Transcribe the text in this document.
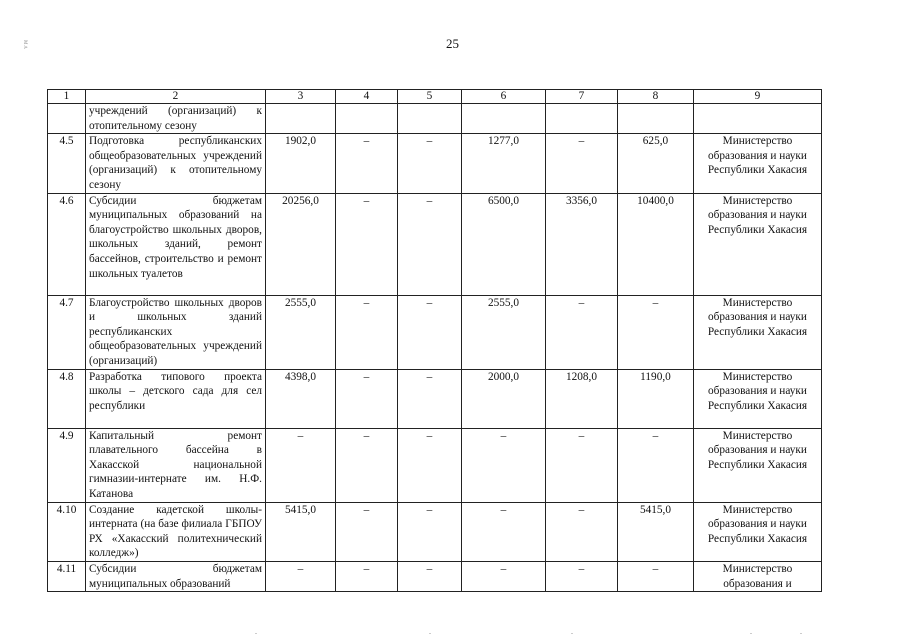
25
ᴍᴧ
1	2	3	4	5	6	7	8	9
	учреждений (организаций) к отопительному сезону							
4.5	Подготовка республиканских общеобразовательных учреждений (организаций) к отопительному сезону	1902,0	–	–	1277,0	–	625,0	Министерство образования и науки Республики Хакасия
4.6	Субсидии бюджетам муниципальных образований на благоустройство школьных дворов, школьных зданий, ремонт бассейнов, строительство и ремонт школьных туалетов	20256,0	–	–	6500,0	3356,0	10400,0	Министерство образования и науки Республики Хакасия
4.7	Благоустройство школьных дворов и школьных зданий республиканских общеобразовательных учреждений (организаций)	2555,0	–	–	2555,0	–	–	Министерство образования и науки Республики Хакасия
4.8	Разработка типового проекта школы – детского сада для сел республики	4398,0	–	–	2000,0	1208,0	1190,0	Министерство образования и науки Республики Хакасия
4.9	Капитальный ремонт плавательного бассейна в Хакасской национальной гимназии-интернате им. Н.Ф. Катанова	–	–	–	–	–	–	Министерство образования и науки Республики Хакасия
4.10	Создание кадетской школы-интерната (на базе филиала ГБПОУ РХ «Хакасский политехнический колледж»)	5415,0	–	–	–	–	5415,0	Министерство образования и науки Республики Хакасия
4.11	Субсидии бюджетам муниципальных образований	–	–	–	–	–	–	Министерство образования и
